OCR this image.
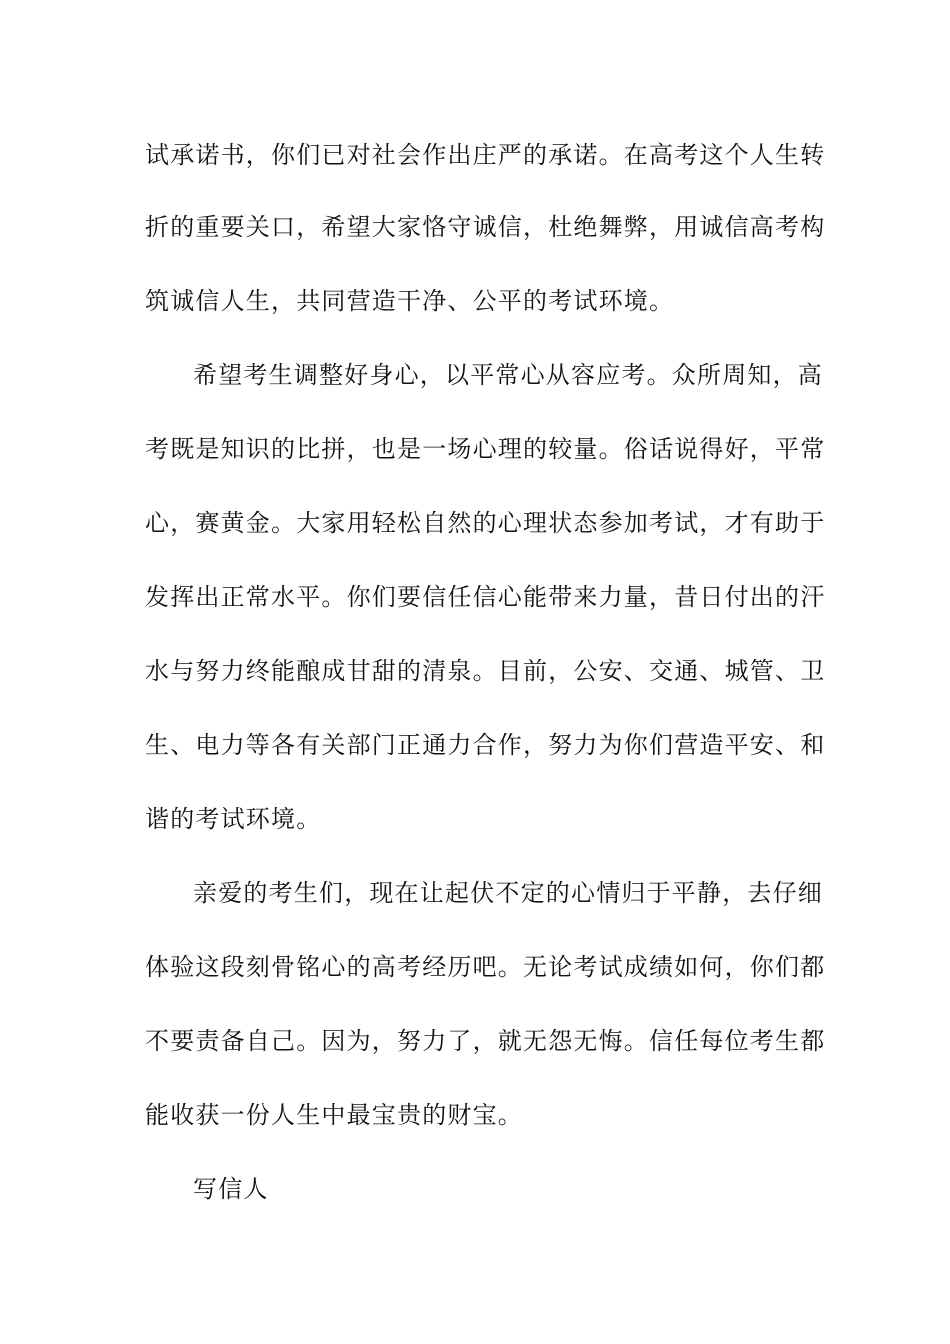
试承诺书，你们已对社会作出庄严的承诺。在高考这个人生转
折的重要关口，希望大家恪守诚信，杜绝舞弊，用诚信高考构
筑诚信人生，共同营造干净、公平的考试环境。
希望考生调整好身心，以平常心从容应考。众所周知，高
考既是知识的比拼，也是一场心理的较量。俗话说得好，平常
心，赛黄金。大家用轻松自然的心理状态参加考试，才有助于
发挥出正常水平。你们要信任信心能带来力量，昔日付出的汗
水与努力终能酿成甘甜的清泉。目前，公安、交通、城管、卫
生、电力等各有关部门正通力合作，努力为你们营造平安、和
谐的考试环境。
亲爱的考生们，现在让起伏不定的心情归于平静，去仔细
体验这段刻骨铭心的高考经历吧。无论考试成绩如何，你们都
不要责备自己。因为，努力了，就无怨无悔。信任每位考生都
能收获一份人生中最宝贵的财宝。
写信人
